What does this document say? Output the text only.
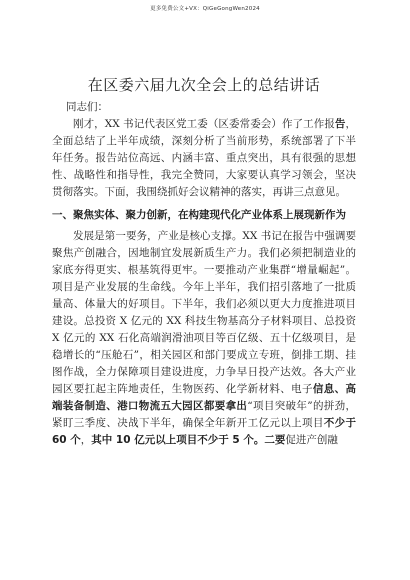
更多免费公文+VX：QiGeGongWen2024
在区委六届九次全会上的总结讲话

同志们：

刚才，XX 书记代表区党工委（区委常委会）作了工作报告，全面总结了上半年成绩，深刻分析了当前形势，系统部署了下半年任务。报告站位高远、内涵丰富、重点突出，具有很强的思想性、战略性和指导性，我完全赞同，大家要认真学习领会，坚决贯彻落实。下面，我围绕抓好会议精神的落实，再讲三点意见。

一、聚焦实体、聚力创新，在构建现代化产业体系上展现新作为

发展是第一要务，产业是核心支撑。XX 书记在报告中强调要聚焦产创融合，因地制宜发展新质生产力。我们必须把制造业的家底夯得更实、根基筑得更牢。一要推动产业集群“增量崛起”。项目是产业发展的生命线。今年上半年，我们招引落地了一批质量高、体量大的好项目。下半年，我们必须以更大力度推进项目建设。总投资 X 亿元的 XX 科技生物基高分子材料项目、总投资 X 亿元的 XX 石化高端润滑油项目等百亿级、五十亿级项目，是稳增长的“压舱石”，相关园区和部门要成立专班，倒排工期、挂图作战，全力保障项目建设进度，力争早日投产达效。各大产业园区要扛起主阵地责任，生物医药、化学新材料、电子信息、高端装备制造、港口物流五大园区都要拿出“项目突破年”的拼劲，紧盯三季度、决战下半年，确保全年新开工亿元以上项目不少于 60 个，其中 10 亿元以上项目不少于 5 个。二要促进产创融
